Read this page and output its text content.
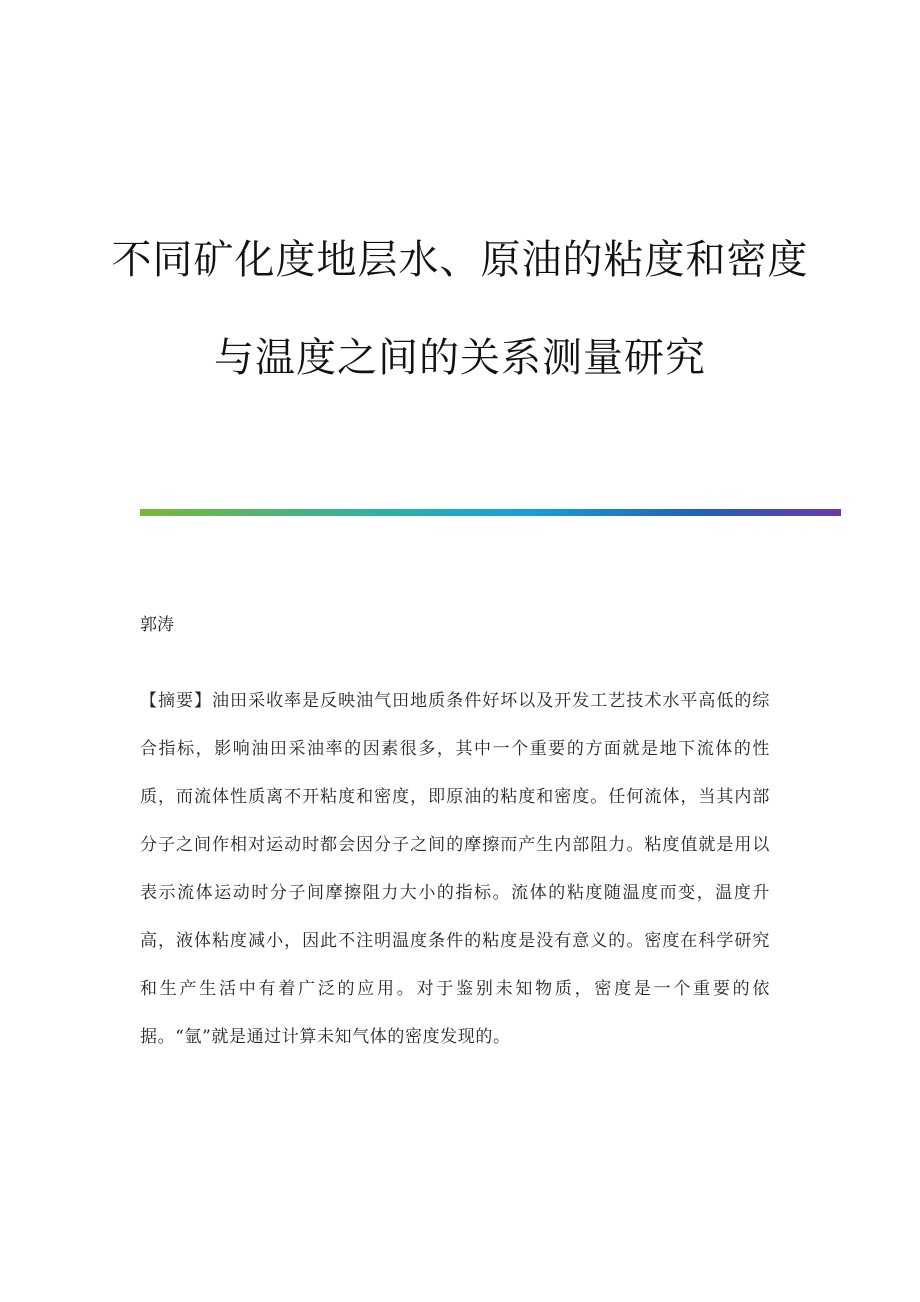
不同矿化度地层水、原油的粘度和密度
与温度之间的关系测量研究
郭涛

【摘要】油田采收率是反映油气田地质条件好坏以及开发工艺技术水平高低的综合指标，影响油田采油率的因素很多，其中一个重要的方面就是地下流体的性质，而流体性质离不开粘度和密度，即原油的粘度和密度。任何流体，当其内部分子之间作相对运动时都会因分子之间的摩擦而产生内部阻力。粘度值就是用以表示流体运动时分子间摩擦阻力大小的指标。流体的粘度随温度而变，温度升高，液体粘度减小，因此不注明温度条件的粘度是没有意义的。密度在科学研究和生产生活中有着广泛的应用。对于鉴别未知物质，密度是一个重要的依据。“氩”就是通过计算未知气体的密度发现的。
